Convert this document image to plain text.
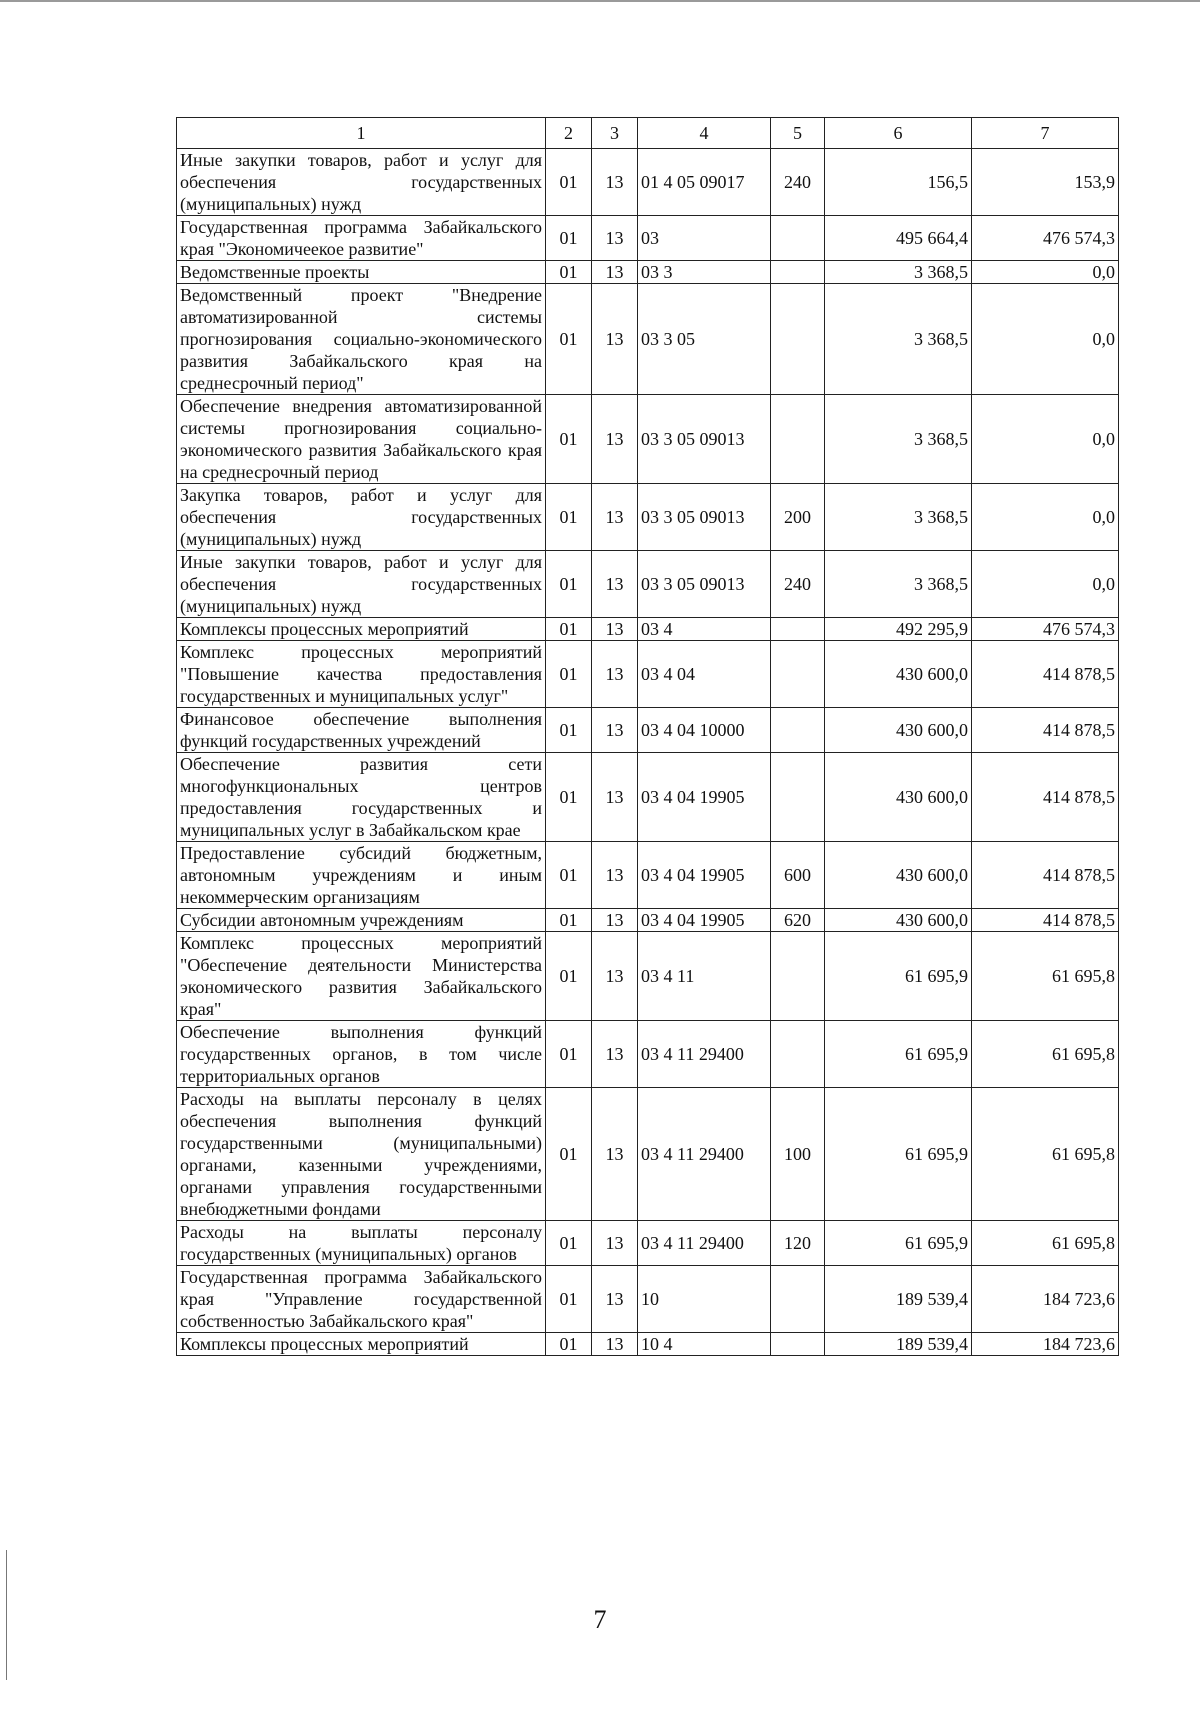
1	2	3	4	5	6	7
Иные закупки товаров, работ и услуг для обеспечения государственных (муниципальных) нужд	01	13	01 4 05 09017	240	156,5	153,9
Государственная программа Забайкальского края "Экономичеекое развитие"	01	13	03		495 664,4	476 574,3
Ведомственные проекты	01	13	03 3		3 368,5	0,0
Ведомственный проект "Внедрение автоматизированной системы прогнозирования социально-экономического развития Забайкальского края на среднесрочный период"	01	13	03 3 05		3 368,5	0,0
Обеспечение внедрения автоматизированной системы прогнозирования социально-экономического развития Забайкальского края на среднесрочный период	01	13	03 3 05 09013		3 368,5	0,0
Закупка товаров, работ и услуг для обеспечения государственных (муниципальных) нужд	01	13	03 3 05 09013	200	3 368,5	0,0
Иные закупки товаров, работ и услуг для обеспечения государственных (муниципальных) нужд	01	13	03 3 05 09013	240	3 368,5	0,0
Комплексы процессных мероприятий	01	13	03 4		492 295,9	476 574,3
Комплекс процессных мероприятий "Повышение качества предоставления государственных и муниципальных услуг"	01	13	03 4 04		430 600,0	414 878,5
Финансовое обеспечение выполнения функций государственных учреждений	01	13	03 4 04 10000		430 600,0	414 878,5
Обеспечение развития сети многофункциональных центров предоставления государственных и муниципальных услуг в Забайкальском крае	01	13	03 4 04 19905		430 600,0	414 878,5
Предоставление субсидий бюджетным, автономным учреждениям и иным некоммерческим организациям	01	13	03 4 04 19905	600	430 600,0	414 878,5
Субсидии автономным учреждениям	01	13	03 4 04 19905	620	430 600,0	414 878,5
Комплекс процессных мероприятий "Обеспечение деятельности Министерства экономического развития Забайкальского края"	01	13	03 4 11		61 695,9	61 695,8
Обеспечение выполнения функций государственных органов, в том числе территориальных органов	01	13	03 4 11 29400		61 695,9	61 695,8
Расходы на выплаты персоналу в целях обеспечения выполнения функций государственными (муниципальными) органами, казенными учреждениями, органами управления государственными внебюджетными фондами	01	13	03 4 11 29400	100	61 695,9	61 695,8
Расходы на выплаты персоналу государственных (муниципальных) органов	01	13	03 4 11 29400	120	61 695,9	61 695,8
Государственная программа Забайкальского края "Управление государственной собственностью Забайкальского края"	01	13	10		189 539,4	184 723,6
Комплексы процессных мероприятий	01	13	10 4		189 539,4	184 723,6
7
